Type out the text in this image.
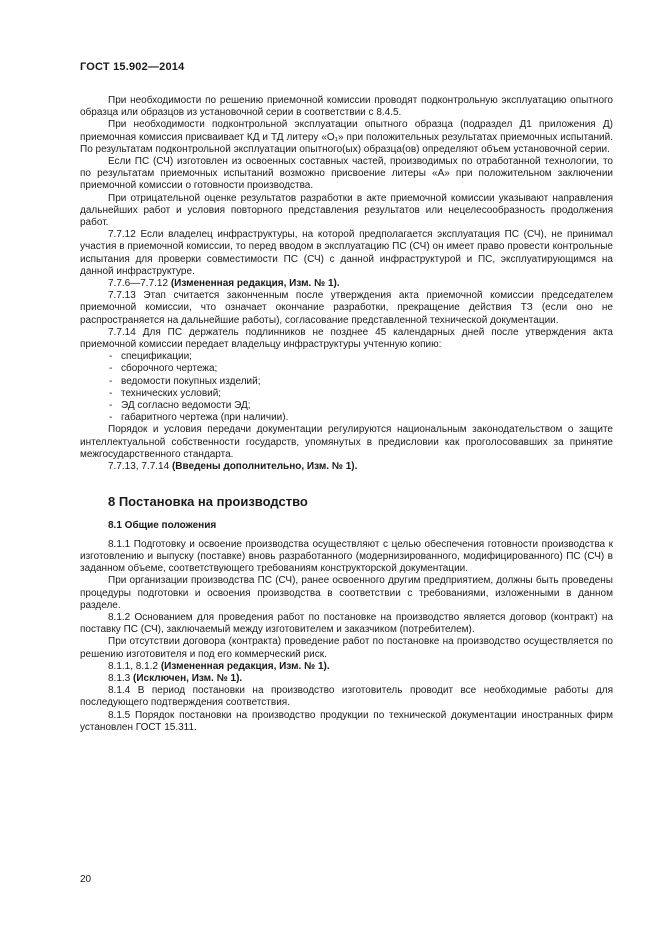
ГОСТ 15.902—2014

При необходимости по решению приемочной комиссии проводят подконтрольную эксплуатацию опытного образца или образцов из установочной серии в соответствии с 8.4.5.

При необходимости подконтрольной эксплуатации опытного образца (подраздел Д1 приложения Д) приемочная комиссия присваивает КД и ТД литеру «О₁» при положительных результатах приемочных испытаний. По результатам подконтрольной эксплуатации опытного(ых) образца(ов) определяют объем установочной серии.

Если ПС (СЧ) изготовлен из освоенных составных частей, производимых по отработанной технологии, то по результатам приемочных испытаний возможно присвоение литеры «А» при положительном заключении приемочной комиссии о готовности производства.

При отрицательной оценке результатов разработки в акте приемочной комиссии указывают направления дальнейших работ и условия повторного представления результатов или нецелесообразность продолжения работ.

7.7.12 Если владелец инфраструктуры, на которой предполагается эксплуатация ПС (СЧ), не принимал участия в приемочной комиссии, то перед вводом в эксплуатацию ПС (СЧ) он имеет право провести контрольные испытания для проверки совместимости ПС (СЧ) с данной инфраструктурой и ПС, эксплуатирующимся на данной инфраструктуре.

7.7.6—7.7.12 (Измененная редакция, Изм. № 1).

7.7.13 Этап считается законченным после утверждения акта приемочной комиссии председателем приемочной комиссии, что означает окончание разработки, прекращение действия ТЗ (если оно не распространяется на дальнейшие работы), согласование представленной технической документации.

7.7.14 Для ПС держатель подлинников не позднее 45 календарных дней после утверждения акта приемочной комиссии передает владельцу инфраструктуры учтенную копию:

- спецификации;

- сборочного чертежа;

- ведомости покупных изделий;

- технических условий;

- ЭД согласно ведомости ЭД;

- габаритного чертежа (при наличии).

Порядок и условия передачи документации регулируются национальным законодательством о защите интеллектуальной собственности государств, упомянутых в предисловии как проголосовавших за принятие межгосударственного стандарта.

7.7.13, 7.7.14 (Введены дополнительно, Изм. № 1).

8 Постановка на производство
8.1 Общие положения

8.1.1 Подготовку и освоение производства осуществляют с целью обеспечения готовности производства к изготовлению и выпуску (поставке) вновь разработанного (модернизированного, модифицированного) ПС (СЧ) в заданном объеме, соответствующего требованиям конструкторской документации.

При организации производства ПС (СЧ), ранее освоенного другим предприятием, должны быть проведены процедуры подготовки и освоения производства в соответствии с требованиями, изложенными в данном разделе.

8.1.2 Основанием для проведения работ по постановке на производство является договор (контракт) на поставку ПС (СЧ), заключаемый между изготовителем и заказчиком (потребителем).

При отсутствии договора (контракта) проведение работ по постановке на производство осуществляется по решению изготовителя и под его коммерческий риск.

8.1.1, 8.1.2 (Измененная редакция, Изм. № 1).

8.1.3 (Исключен, Изм. № 1).

8.1.4 В период постановки на производство изготовитель проводит все необходимые работы для последующего подтверждения соответствия.

8.1.5 Порядок постановки на производство продукции по технической документации иностранных фирм установлен ГОСТ 15.311.

20
